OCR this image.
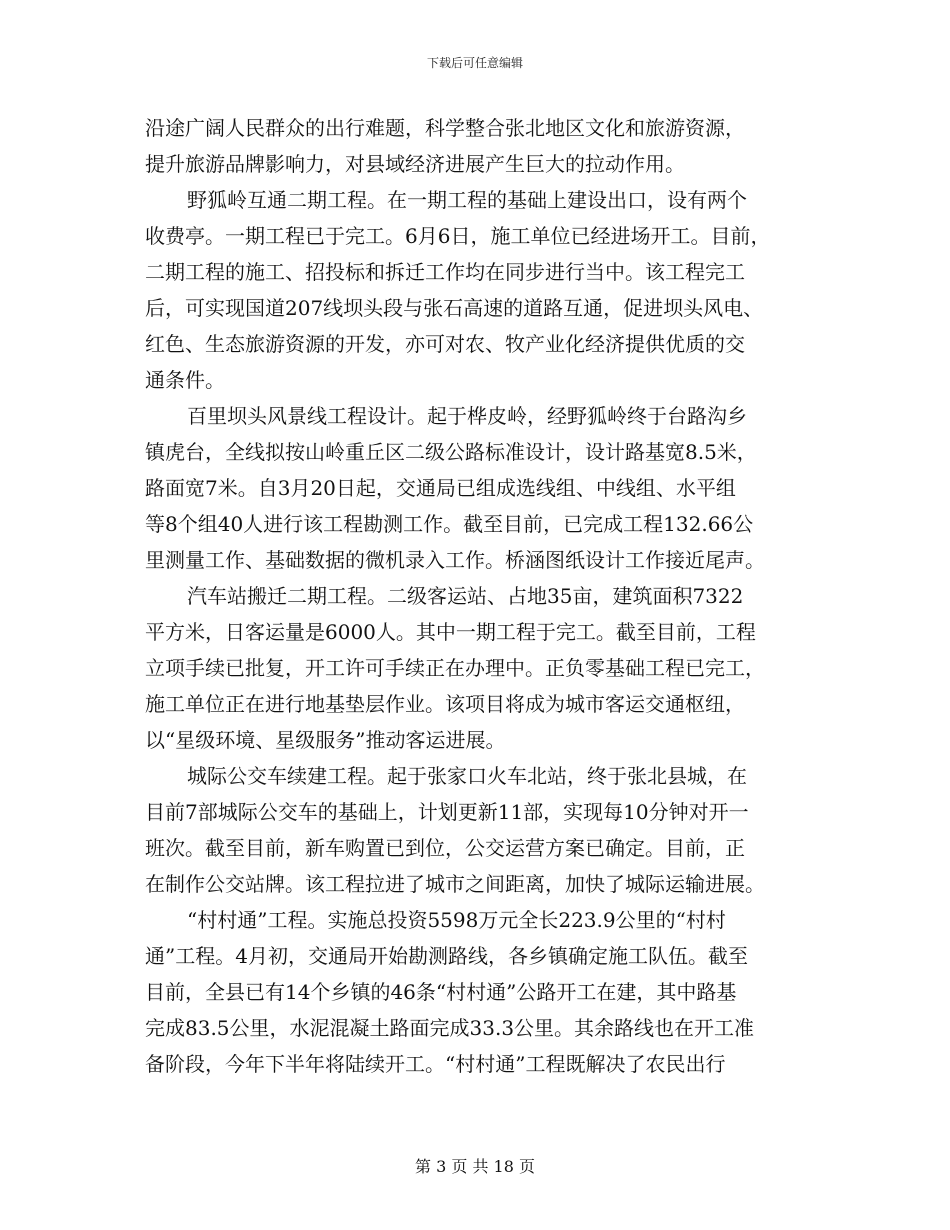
下载后可任意编辑
沿途广阔人民群众的出行难题，科学整合张北地区文化和旅游资源，
提升旅游品牌影响力，对县域经济进展产生巨大的拉动作用。
野狐岭互通二期工程。在一期工程的基础上建设出口，设有两个
收费亭。一期工程已于完工。6月6日，施工单位已经进场开工。目前，
二期工程的施工、招投标和拆迁工作均在同步进行当中。该工程完工
后，可实现国道207线坝头段与张石高速的道路互通，促进坝头风电、
红色、生态旅游资源的开发，亦可对农、牧产业化经济提供优质的交
通条件。
百里坝头风景线工程设计。起于桦皮岭，经野狐岭终于台路沟乡
镇虎台，全线拟按山岭重丘区二级公路标准设计，设计路基宽8.5米，
路面宽7米。自3月20日起，交通局已组成选线组、中线组、水平组
等8个组40人进行该工程勘测工作。截至目前，已完成工程132.66公
里测量工作、基础数据的微机录入工作。桥涵图纸设计工作接近尾声。
汽车站搬迁二期工程。二级客运站、占地35亩，建筑面积7322
平方米，日客运量是6000人。其中一期工程于完工。截至目前，工程
立项手续已批复，开工许可手续正在办理中。正负零基础工程已完工，
施工单位正在进行地基垫层作业。该项目将成为城市客运交通枢纽，
以“星级环境、星级服务”推动客运进展。
城际公交车续建工程。起于张家口火车北站，终于张北县城，在
目前7部城际公交车的基础上，计划更新11部，实现每10分钟对开一
班次。截至目前，新车购置已到位，公交运营方案已确定。目前，正
在制作公交站牌。该工程拉进了城市之间距离，加快了城际运输进展。
“村村通”工程。实施总投资5598万元全长223.9公里的“村村
通”工程。4月初，交通局开始勘测路线，各乡镇确定施工队伍。截至
目前，全县已有14个乡镇的46条“村村通”公路开工在建，其中路基
完成83.5公里，水泥混凝土路面完成33.3公里。其余路线也在开工准
备阶段，今年下半年将陆续开工。“村村通”工程既解决了农民出行
第 3 页 共 18 页
